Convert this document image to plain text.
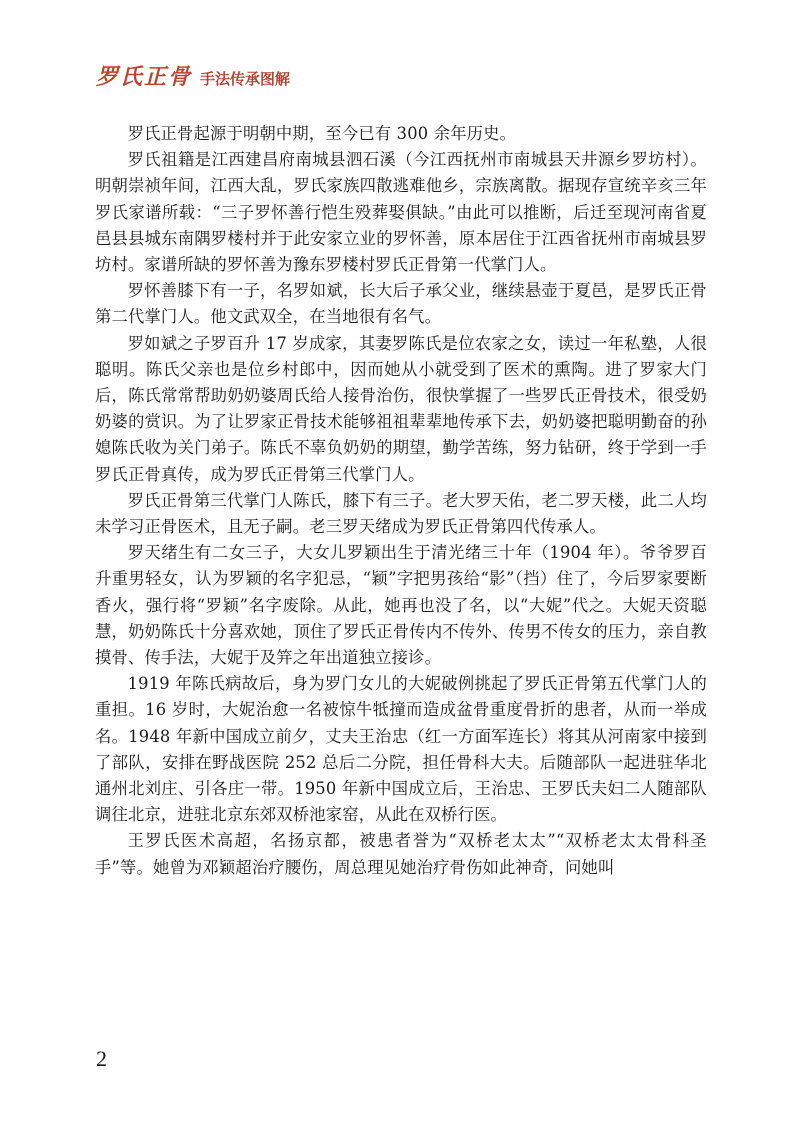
罗氏正骨 手法传承图解

罗氏正骨起源于明朝中期，至今已有 300 余年历史。

罗氏祖籍是江西建昌府南城县泗石溪（今江西抚州市南城县天井源乡罗坊村）。明朝崇祯年间，江西大乱，罗氏家族四散逃难他乡，宗族离散。据现存宣统辛亥三年罗氏家谱所载：“三子罗怀善行恺生殁葬娶俱缺。”由此可以推断，后迁至现河南省夏邑县县城东南隅罗楼村并于此安家立业的罗怀善，原本居住于江西省抚州市南城县罗坊村。家谱所缺的罗怀善为豫东罗楼村罗氏正骨第一代掌门人。

罗怀善膝下有一子，名罗如斌，长大后子承父业，继续悬壶于夏邑，是罗氏正骨第二代掌门人。他文武双全，在当地很有名气。

罗如斌之子罗百升 17 岁成家，其妻罗陈氏是位农家之女，读过一年私塾，人很聪明。陈氏父亲也是位乡村郎中，因而她从小就受到了医术的熏陶。进了罗家大门后，陈氏常常帮助奶奶婆周氏给人接骨治伤，很快掌握了一些罗氏正骨技术，很受奶奶婆的赏识。为了让罗家正骨技术能够祖祖辈辈地传承下去，奶奶婆把聪明勤奋的孙媳陈氏收为关门弟子。陈氏不辜负奶奶的期望，勤学苦练，努力钻研，终于学到一手罗氏正骨真传，成为罗氏正骨第三代掌门人。

罗氏正骨第三代掌门人陈氏，膝下有三子。老大罗天佑，老二罗天楼，此二人均未学习正骨医术，且无子嗣。老三罗天绪成为罗氏正骨第四代传承人。

罗天绪生有二女三子，大女儿罗颖出生于清光绪三十年（1904 年）。爷爷罗百升重男轻女，认为罗颖的名字犯忌，“颖”字把男孩给“影”（挡）住了，今后罗家要断香火，强行将“罗颖”名字废除。从此，她再也没了名，以“大妮”代之。大妮天资聪慧，奶奶陈氏十分喜欢她，顶住了罗氏正骨传内不传外、传男不传女的压力，亲自教摸骨、传手法，大妮于及笄之年出道独立接诊。

1919 年陈氏病故后，身为罗门女儿的大妮破例挑起了罗氏正骨第五代掌门人的重担。16 岁时，大妮治愈一名被惊牛牴撞而造成盆骨重度骨折的患者，从而一举成名。1948 年新中国成立前夕，丈夫王治忠（红一方面军连长）将其从河南家中接到了部队，安排在野战医院 252 总后二分院，担任骨科大夫。后随部队一起进驻华北通州北刘庄、引各庄一带。1950 年新中国成立后，王治忠、王罗氏夫妇二人随部队调往北京，进驻北京东郊双桥池家窑，从此在双桥行医。

王罗氏医术高超，名扬京都，被患者誉为“双桥老太太”“双桥老太太骨科圣手”等。她曾为邓颖超治疗腰伤，周总理见她治疗骨伤如此神奇，问她叫

2
